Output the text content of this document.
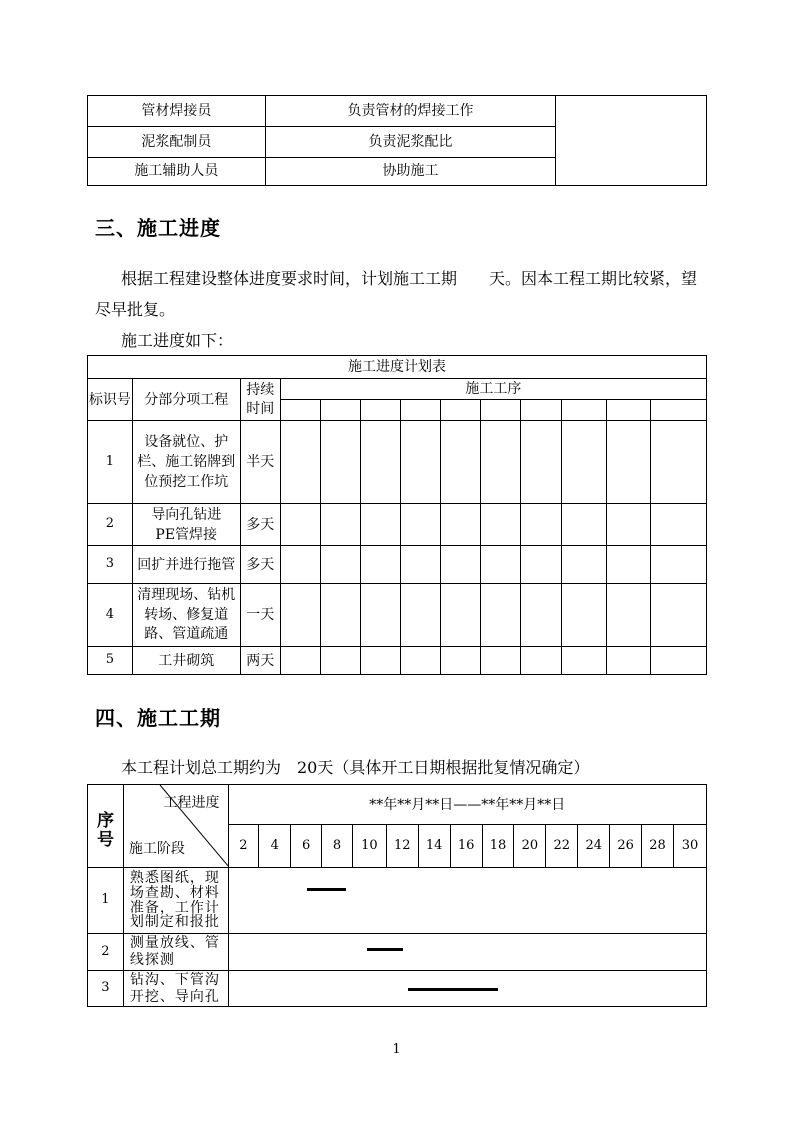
管材焊接员	负责管材的焊接工作	
泥浆配制员	负责泥浆配比	
施工辅助人员	协助施工	
三、施工进度
根据工程建设整体进度要求时间，计划施工工期　　天。因本工程工期比较紧，望
尽早批复。
施工进度如下：
施工进度计划表												
标识号	分部分项工程	持续时间	施工工序									

1	设备就位、护栏、施工铭牌到位预挖工作坑	半天										
2	导向孔钻进PE管焊接	多天										
3	回扩并进行拖管	多天										
4	清理现场、钻机转场、修复道路、管道疏通	一天										
5	工井砌筑	两天										
四、施工工期
本工程计划总工期约为　20天（具体开工日期根据批复情况确定）
序号	工程进度
施工阶段	**年**月**日——**年**月**日														
		2	4	6	8	10	12	14	16	18	20	22	24	26	28	30
1	熟悉图纸，现场查勘、材料准备，工作计划制定和报批															

2	测量放线、管线探测															

3	钻沟、下管沟开挖、导向孔															
1
